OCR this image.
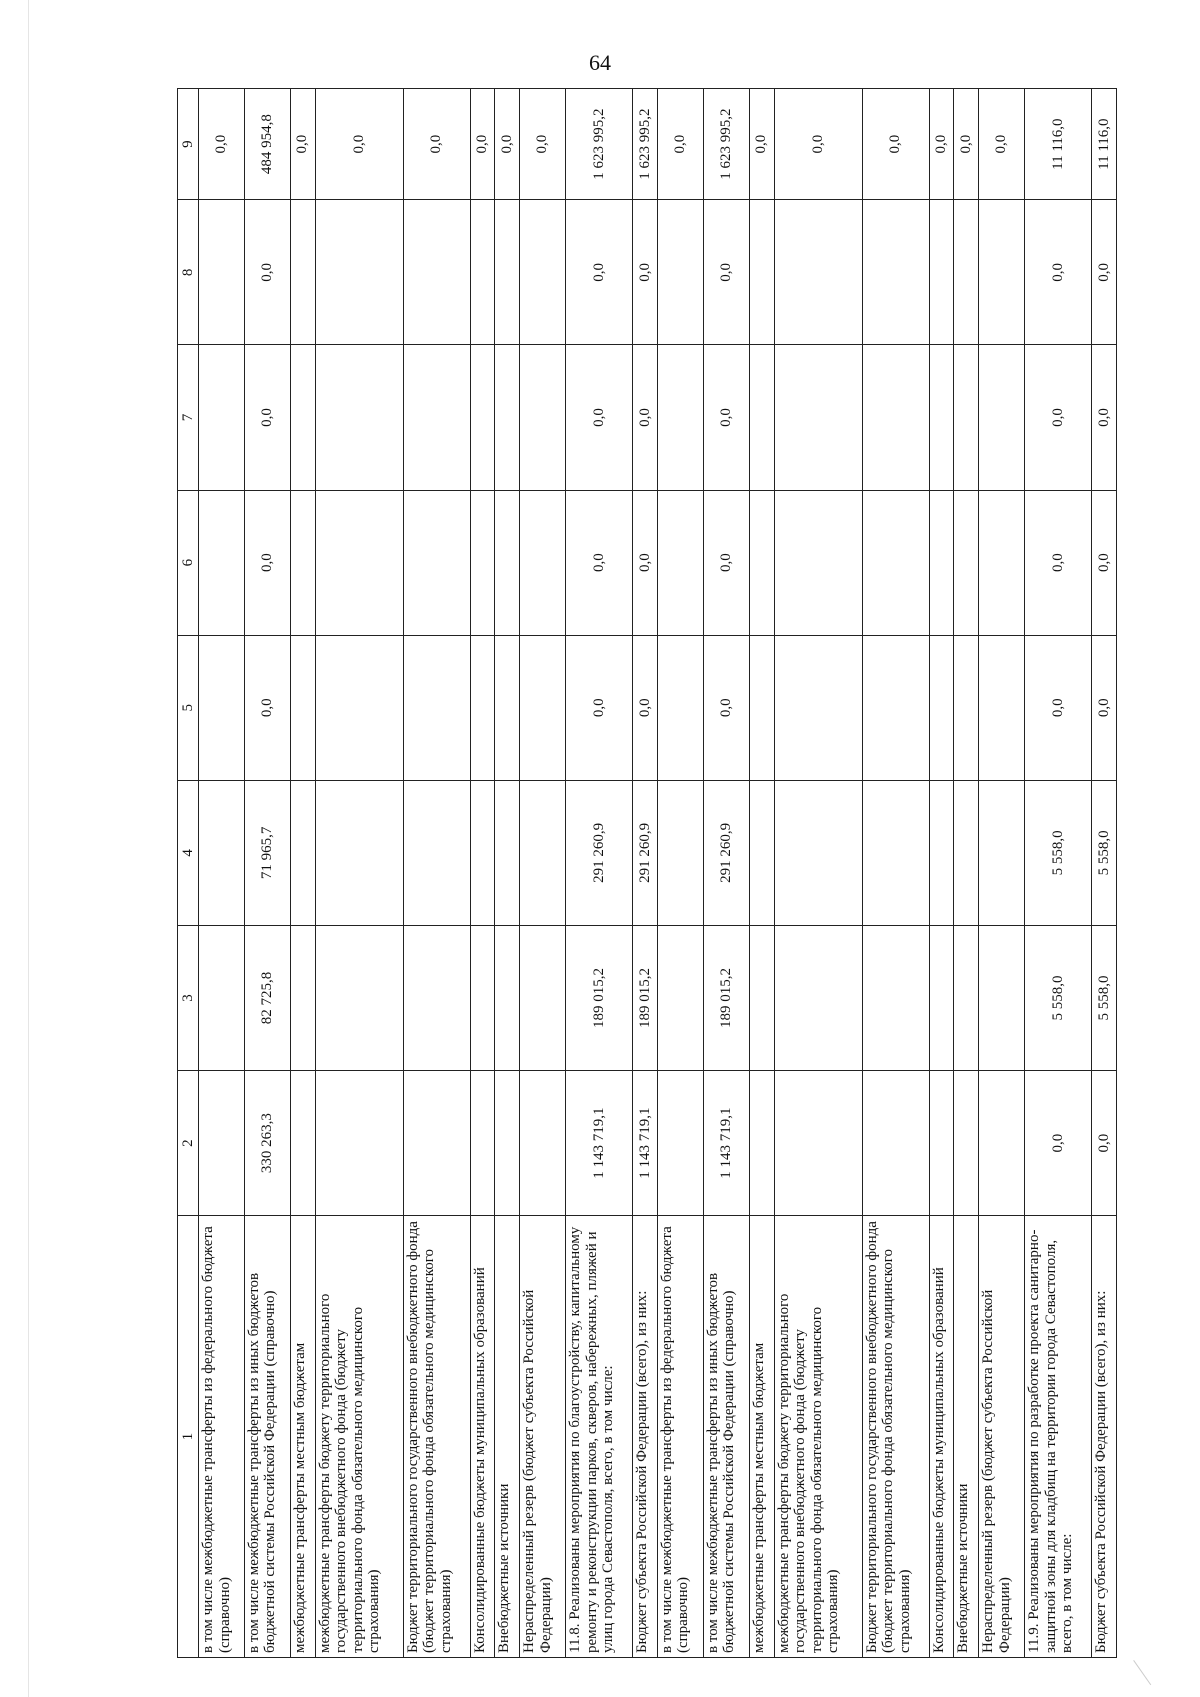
64
1	2	3	4	5	6	7	8	9
в том числе межбюджетные трансферты из федерального бюджета (справочно)								0,0
в том числе межбюджетные трансферты из иных бюджетов бюджетной системы Российской Федерации (справочно)	330 263,3	82 725,8	71 965,7	0,0	0,0	0,0	0,0	484 954,8
межбюджетные трансферты местным бюджетам								0,0
межбюджетные трансферты бюджету территориального государственного внебюджетного фонда (бюджету территориального фонда обязательного медицинского страхования)								0,0
Бюджет территориального государственного внебюджетного фонда (бюджет территориального фонда обязательного медицинского страхования)								0,0
Консолидированные бюджеты муниципальных образований								0,0
Внебюджетные источники								0,0
Нераспределенный резерв (бюджет субъекта Российской Федерации)								0,0
11.8. Реализованы мероприятия по благоустройству, капитальному ремонту и реконструкции парков, скверов, набережных, пляжей и улиц города Севастополя, всего, в том числе:	1 143 719,1	189 015,2	291 260,9	0,0	0,0	0,0	0,0	1 623 995,2
Бюджет субъекта Российской Федерации (всего), из них:	1 143 719,1	189 015,2	291 260,9	0,0	0,0	0,0	0,0	1 623 995,2
в том числе межбюджетные трансферты из федерального бюджета (справочно)								0,0
в том числе межбюджетные трансферты из иных бюджетов бюджетной системы Российской Федерации (справочно)	1 143 719,1	189 015,2	291 260,9	0,0	0,0	0,0	0,0	1 623 995,2
межбюджетные трансферты местным бюджетам								0,0
межбюджетные трансферты бюджету территориального государственного внебюджетного фонда (бюджету территориального фонда обязательного медицинского страхования)								0,0
Бюджет территориального государственного внебюджетного фонда (бюджет территориального фонда обязательного медицинского страхования)								0,0
Консолидированные бюджеты муниципальных образований								0,0
Внебюджетные источники								0,0
Нераспределенный резерв (бюджет субъекта Российской Федерации)								0,0
11.9. Реализованы мероприятия по разработке проекта санитарно-защитной зоны для кладбищ на территории города Севастополя, всего, в том числе:	0,0	5 558,0	5 558,0	0,0	0,0	0,0	0,0	11 116,0
Бюджет субъекта Российской Федерации (всего), из них:	0,0	5 558,0	5 558,0	0,0	0,0	0,0	0,0	11 116,0
